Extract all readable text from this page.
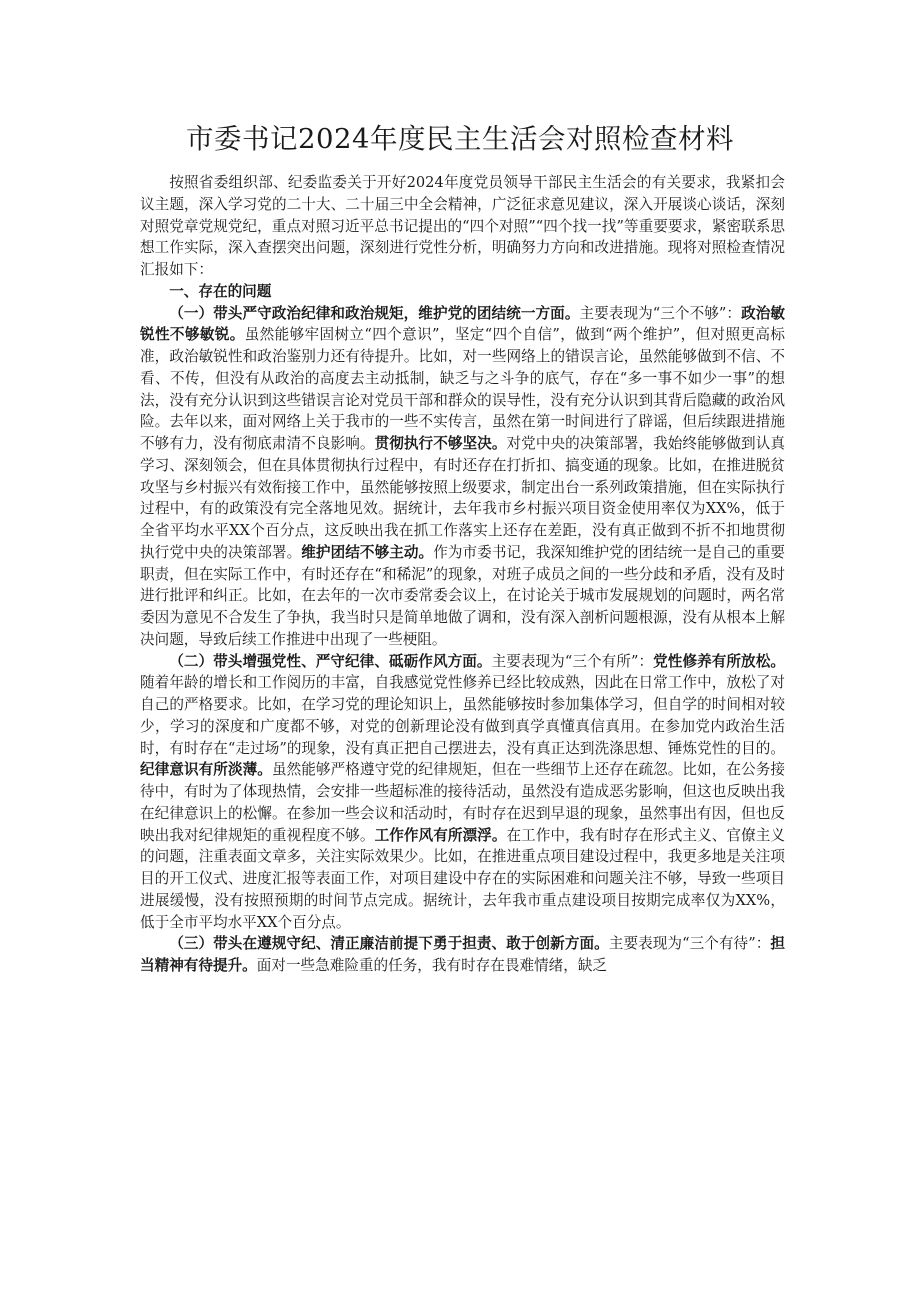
市委书记2024年度民主生活会对照检查材料

按照省委组织部、纪委监委关于开好2024年度党员领导干部民主生活会的有关要求，我紧扣会议主题，深入学习党的二十大、二十届三中全会精神，广泛征求意见建议，深入开展谈心谈话，深刻对照党章党规党纪，重点对照习近平总书记提出的“四个对照”“四个找一找”等重要要求，紧密联系思想工作实际，深入查摆突出问题，深刻进行党性分析，明确努力方向和改进措施。现将对照检查情况汇报如下：

一、存在的问题

（一）带头严守政治纪律和政治规矩，维护党的团结统一方面。主要表现为“三个不够”：政治敏锐性不够敏锐。虽然能够牢固树立“四个意识”，坚定“四个自信”，做到“两个维护”，但对照更高标准，政治敏锐性和政治鉴别力还有待提升。比如，对一些网络上的错误言论，虽然能够做到不信、不看、不传，但没有从政治的高度去主动抵制，缺乏与之斗争的底气，存在“多一事不如少一事”的想法，没有充分认识到这些错误言论对党员干部和群众的误导性，没有充分认识到其背后隐藏的政治风险。去年以来，面对网络上关于我市的一些不实传言，虽然在第一时间进行了辟谣，但后续跟进措施不够有力，没有彻底肃清不良影响。贯彻执行不够坚决。对党中央的决策部署，我始终能够做到认真学习、深刻领会，但在具体贯彻执行过程中，有时还存在打折扣、搞变通的现象。比如，在推进脱贫攻坚与乡村振兴有效衔接工作中，虽然能够按照上级要求，制定出台一系列政策措施，但在实际执行过程中，有的政策没有完全落地见效。据统计，去年我市乡村振兴项目资金使用率仅为XX%，低于全省平均水平XX个百分点，这反映出我在抓工作落实上还存在差距，没有真正做到不折不扣地贯彻执行党中央的决策部署。维护团结不够主动。作为市委书记，我深知维护党的团结统一是自己的重要职责，但在实际工作中，有时还存在“和稀泥”的现象，对班子成员之间的一些分歧和矛盾，没有及时进行批评和纠正。比如，在去年的一次市委常委会议上，在讨论关于城市发展规划的问题时，两名常委因为意见不合发生了争执，我当时只是简单地做了调和，没有深入剖析问题根源，没有从根本上解决问题，导致后续工作推进中出现了一些梗阻。

（二）带头增强党性、严守纪律、砥砺作风方面。主要表现为“三个有所”：党性修养有所放松。随着年龄的增长和工作阅历的丰富，自我感觉党性修养已经比较成熟，因此在日常工作中，放松了对自己的严格要求。比如，在学习党的理论知识上，虽然能够按时参加集体学习，但自学的时间相对较少，学习的深度和广度都不够，对党的创新理论没有做到真学真懂真信真用。在参加党内政治生活时，有时存在“走过场”的现象，没有真正把自己摆进去，没有真正达到洗涤思想、锤炼党性的目的。纪律意识有所淡薄。虽然能够严格遵守党的纪律规矩，但在一些细节上还存在疏忽。比如，在公务接待中，有时为了体现热情，会安排一些超标准的接待活动，虽然没有造成恶劣影响，但这也反映出我在纪律意识上的松懈。在参加一些会议和活动时，有时存在迟到早退的现象，虽然事出有因，但也反映出我对纪律规矩的重视程度不够。工作作风有所漂浮。在工作中，我有时存在形式主义、官僚主义的问题，注重表面文章多，关注实际效果少。比如，在推进重点项目建设过程中，我更多地是关注项目的开工仪式、进度汇报等表面工作，对项目建设中存在的实际困难和问题关注不够，导致一些项目进展缓慢，没有按照预期的时间节点完成。据统计，去年我市重点建设项目按期完成率仅为XX%，低于全市平均水平XX个百分点。

（三）带头在遵规守纪、清正廉洁前提下勇于担责、敢于创新方面。主要表现为“三个有待”：担当精神有待提升。面对一些急难险重的任务，我有时存在畏难情绪，缺乏
